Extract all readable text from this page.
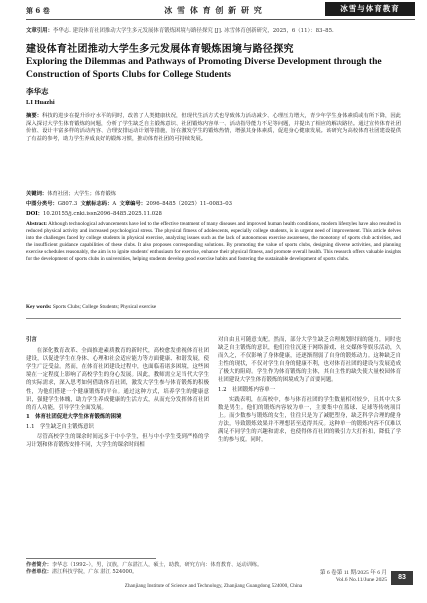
第 6 卷	冰 雪 体 育 创 新 研 究	冰雪与体育教育
文章引用：李华志. 建设体育社团推动大学生多元发展体育锻炼困境与路径探究 [J]. 冰雪体育创新研究，2025，6（11）：83–85.
建设体育社团推动大学生多元发展体育锻炼困境与路径探究
Exploring the Dilemmas and Pathways of Promoting Diverse Development through the Construction of Sports Clubs for College Students
李华志
LI Huazhi
摘要：科技的进步在提升诊疗水平的同时，改善了人类健康状况，但现代生活方式也导致体力活动减少、心理压力增大，青少年学生身体素质或有所下降，因此深入探讨大学生体育锻炼的问题，分析了学生缺乏自主锻炼意识、社团锻炼内容单一、活动指导能力不足等问题，并提出了相应的解决路径。通过宣传体育社团价值、设计丰富多样的活动内容、合理安排运动计划等措施，旨在激发学生的锻炼热情，增强其身体素质，促进身心健康发展。该研究为高校体育社团建设提供了有益的参考，助力学生养成良好的锻炼习惯，推动体育社团的可持续发展。
关键词：体育社团；大学生；体育锻炼
中图分类号：G807.3 文献标志码：A 文章编号：2096–8485（2025）11–0083–03
DOI：10.20155/j.cnki.issn2096–8485.2025.11.028
Abstract: Although technological advancements have led to the effective treatment of many diseases and improved human health conditions, modern lifestyles have also resulted in reduced physical activity and increased psychological stress. The physical fitness of adolescents, especially college students, is in urgent need of improvement. This article delves into the challenges faced by college students in physical exercise, analyzing issues such as the lack of autonomous exercise awareness, the monotony of sports club activities, and the insufficient guidance capabilities of these clubs. It also proposes corresponding solutions. By promoting the value of sports clubs, designing diverse activities, and planning exercise schedules reasonably, the aim is to ignite students' enthusiasm for exercise, enhance their physical fitness, and promote overall health. This research offers valuable insights for the development of sports clubs in universities, helping students develop good exercise habits and fostering the sustainable development of sports clubs.
Key words: Sports Clubs; College Students; Physical exercise
引言

在深化教育改革、全面推进素质教育的新时代，高校愈发重视体育社团建设，以促进学生在身体、心理和社会适应能力等方面健康、和谐发展，使学生广泛受益。然而，在体育社团建设过程中，也面临着诸多困境，这些困境在一定程度上影响了高校学生的身心发展。因此，教师需立足当代大学生的实际需求，深入思考如何借助体育社团，激发大学生参与体育锻炼的积极性，为他们搭建一个健康锻炼的平台。通过这种方式，培养学生的健康意识，强健学生体魄，助力学生养成健康的生活方式，从而充分发挥体育社团的育人功能，引导学生全面发展。

1　体育社团促进大学生体育锻炼的困境
1.1　学生缺乏自主锻炼意识

尽管高校学生的课余时间远多于中小学生，但与中小学生受到严格的学习计划和体育锻炼安排不同，大学生的课余时间相

对自由且可随意支配。然而，部分大学生缺乏合理规划时间的能力，同时也缺乏自主锻炼的意识，他们往往沉迷于网络游戏、社交媒体等娱乐活动，久而久之，不仅影响了身体健康，还逐渐削弱了自身的锻炼动力。这种缺乏自主性的现状，不仅对学生自身的健康不利，也对体育社团的建设与发展造成了极大的阻碍。学生作为体育锻炼的主体，其自主性的缺失使大量校园体育社团建设大学生体育锻炼的困境成为了首要问题。

1.2　社团锻炼内容单一

实践表明，在高校中，参与体育社团的学生数量相对较少，且其中大多数是男生。他们的锻炼内容较为单一，主要集中在篮球、足球等传统项目上。而少数参与锻炼的女生，往往只是为了减肥塑身，缺乏科学合理的健身方法，导致锻炼效果并不理想甚至适得其反。这种单一的锻炼内容不仅难以满足不同学生的兴趣和需求，也使得体育社团的吸引力大打折扣，降低了学生的参与度。同时，

作者简介：李华志（1992–），男，汉族，广东湛江人，硕士，助教，研究方向：体育教育、运动训练。
作者单位：湛江科技学院，广东 湛江 524000。
Zhanjiang Institute of Science and Technology, Zhanjiang Guangdong 524000, China
第 6 卷第 11 期/2025 年 6 月
Vol.6 No.11/June 2025	83
